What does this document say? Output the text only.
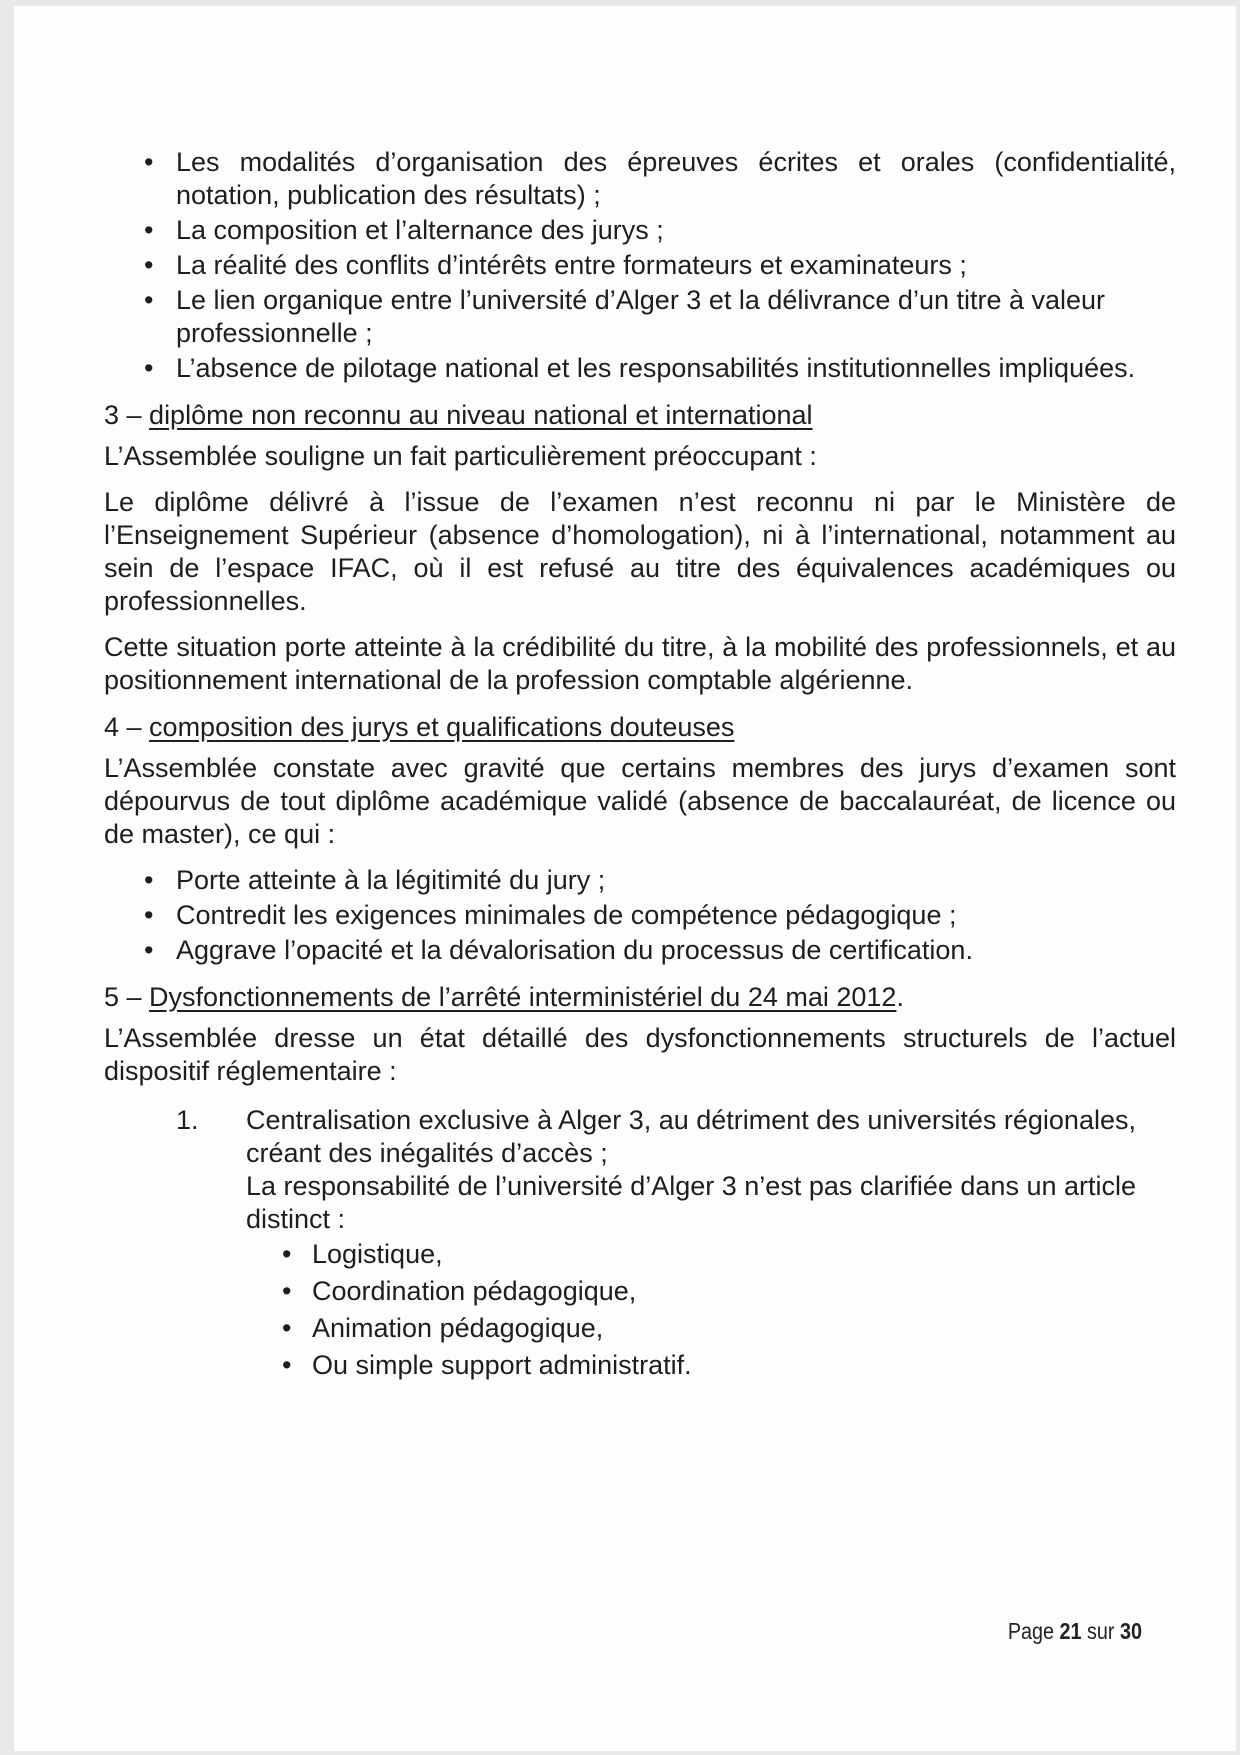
• Les modalités d’organisation des épreuves écrites et orales (confidentialité, notation, publication des résultats) ;
• La composition et l’alternance des jurys ;
• La réalité des conflits d’intérêts entre formateurs et examinateurs ;
• Le lien organique entre l’université d’Alger 3 et la délivrance d’un titre à valeur professionnelle ;
• L’absence de pilotage national et les responsabilités institutionnelles impliquées.
3 – diplôme non reconnu au niveau national et international

L’Assemblée souligne un fait particulièrement préoccupant :

Le diplôme délivré à l’issue de l’examen n’est reconnu ni par le Ministère de l’Enseignement Supérieur (absence d’homologation), ni à l’international, notamment au sein de l’espace IFAC, où il est refusé au titre des équivalences académiques ou professionnelles.

Cette situation porte atteinte à la crédibilité du titre, à la mobilité des professionnels, et au positionnement international de la profession comptable algérienne.

4 – composition des jurys et qualifications douteuses

L’Assemblée constate avec gravité que certains membres des jurys d’examen sont dépourvus de tout diplôme académique validé (absence de baccalauréat, de licence ou de master), ce qui :

• Porte atteinte à la légitimité du jury ;
• Contredit les exigences minimales de compétence pédagogique ;
• Aggrave l’opacité et la dévalorisation du processus de certification.
5 – Dysfonctionnements de l’arrêté interministériel du 24 mai 2012.

L’Assemblée dresse un état détaillé des dysfonctionnements structurels de l’actuel dispositif réglementaire :

1. Centralisation exclusive à Alger 3, au détriment des universités régionales, créant des inégalités d’accès ;
La responsabilité de l’université d’Alger 3 n’est pas clarifiée dans un article distinct :
• Logistique,
• Coordination pédagogique,
• Animation pédagogique,
• Ou simple support administratif.
Page 21 sur 30
